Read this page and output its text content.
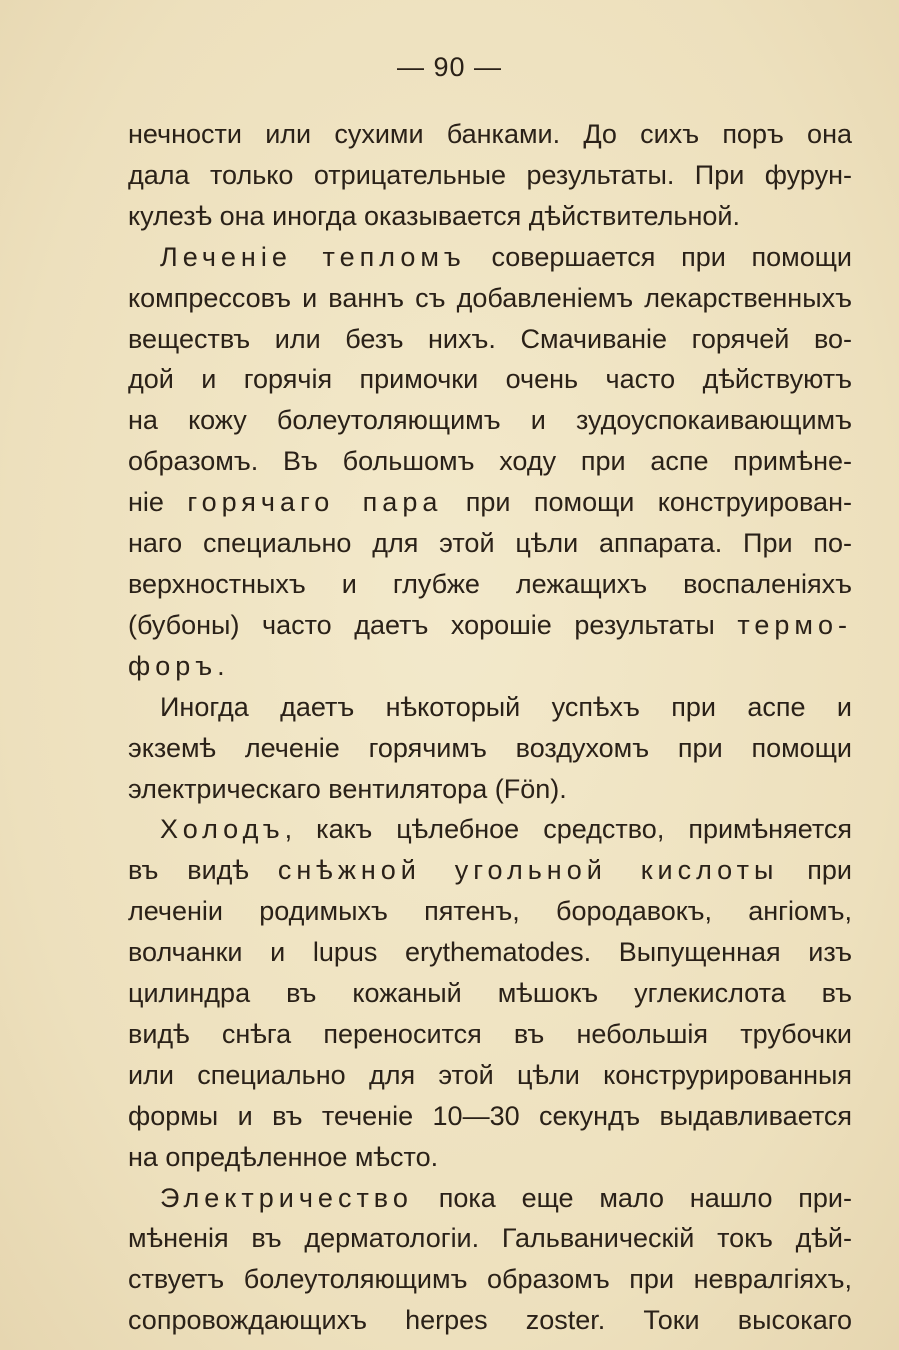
— 90 —
нечности или сухими банками. До сихъ поръ она
дала только отрицательные результаты. При фурун-
кулезѣ она иногда оказывается дѣйствительной.
Леченіе тепломъ совершается при помощи
компрессовъ и ваннъ съ добавленіемъ лекарственныхъ
веществъ или безъ нихъ. Смачиваніе горячей во-
дой и горячія примочки очень часто дѣйствуютъ
на кожу болеутоляющимъ и зудоуспокаивающимъ
образомъ. Въ большомъ ходу при аспе примѣне-
ніе горячаго пара при помощи конструирован-
наго специально для этой цѣли аппарата. При по-
верхностныхъ и глубже лежащихъ воспаленіяхъ
(бубоны) часто даетъ хорошіе результаты термо-
форъ.
Иногда даетъ нѣкоторый успѣхъ при аспе и
экземѣ леченіе горячимъ воздухомъ при помощи
электрическаго вентилятора (Fön).
Холодъ, какъ цѣлебное средство, примѣняется
въ видѣ снѣжной угольной кислоты при
леченіи родимыхъ пятенъ, бородавокъ, ангіомъ,
волчанки и lupus erythematodes. Выпущенная изъ
цилиндра въ кожаный мѣшокъ углекислота въ
видѣ снѣга переносится въ небольшія трубочки
или специально для этой цѣли конструрированныя
формы и въ теченіе 10—30 секундъ выдавливается
на опредѣленное мѣсто.
Электричество пока еще мало нашло при-
мѣненія въ дерматологіи. Гальваническій токъ дѣй-
ствуетъ болеутоляющимъ образомъ при невралгіяхъ,
сопровождающихъ herpes zoster. Токи высокаго
